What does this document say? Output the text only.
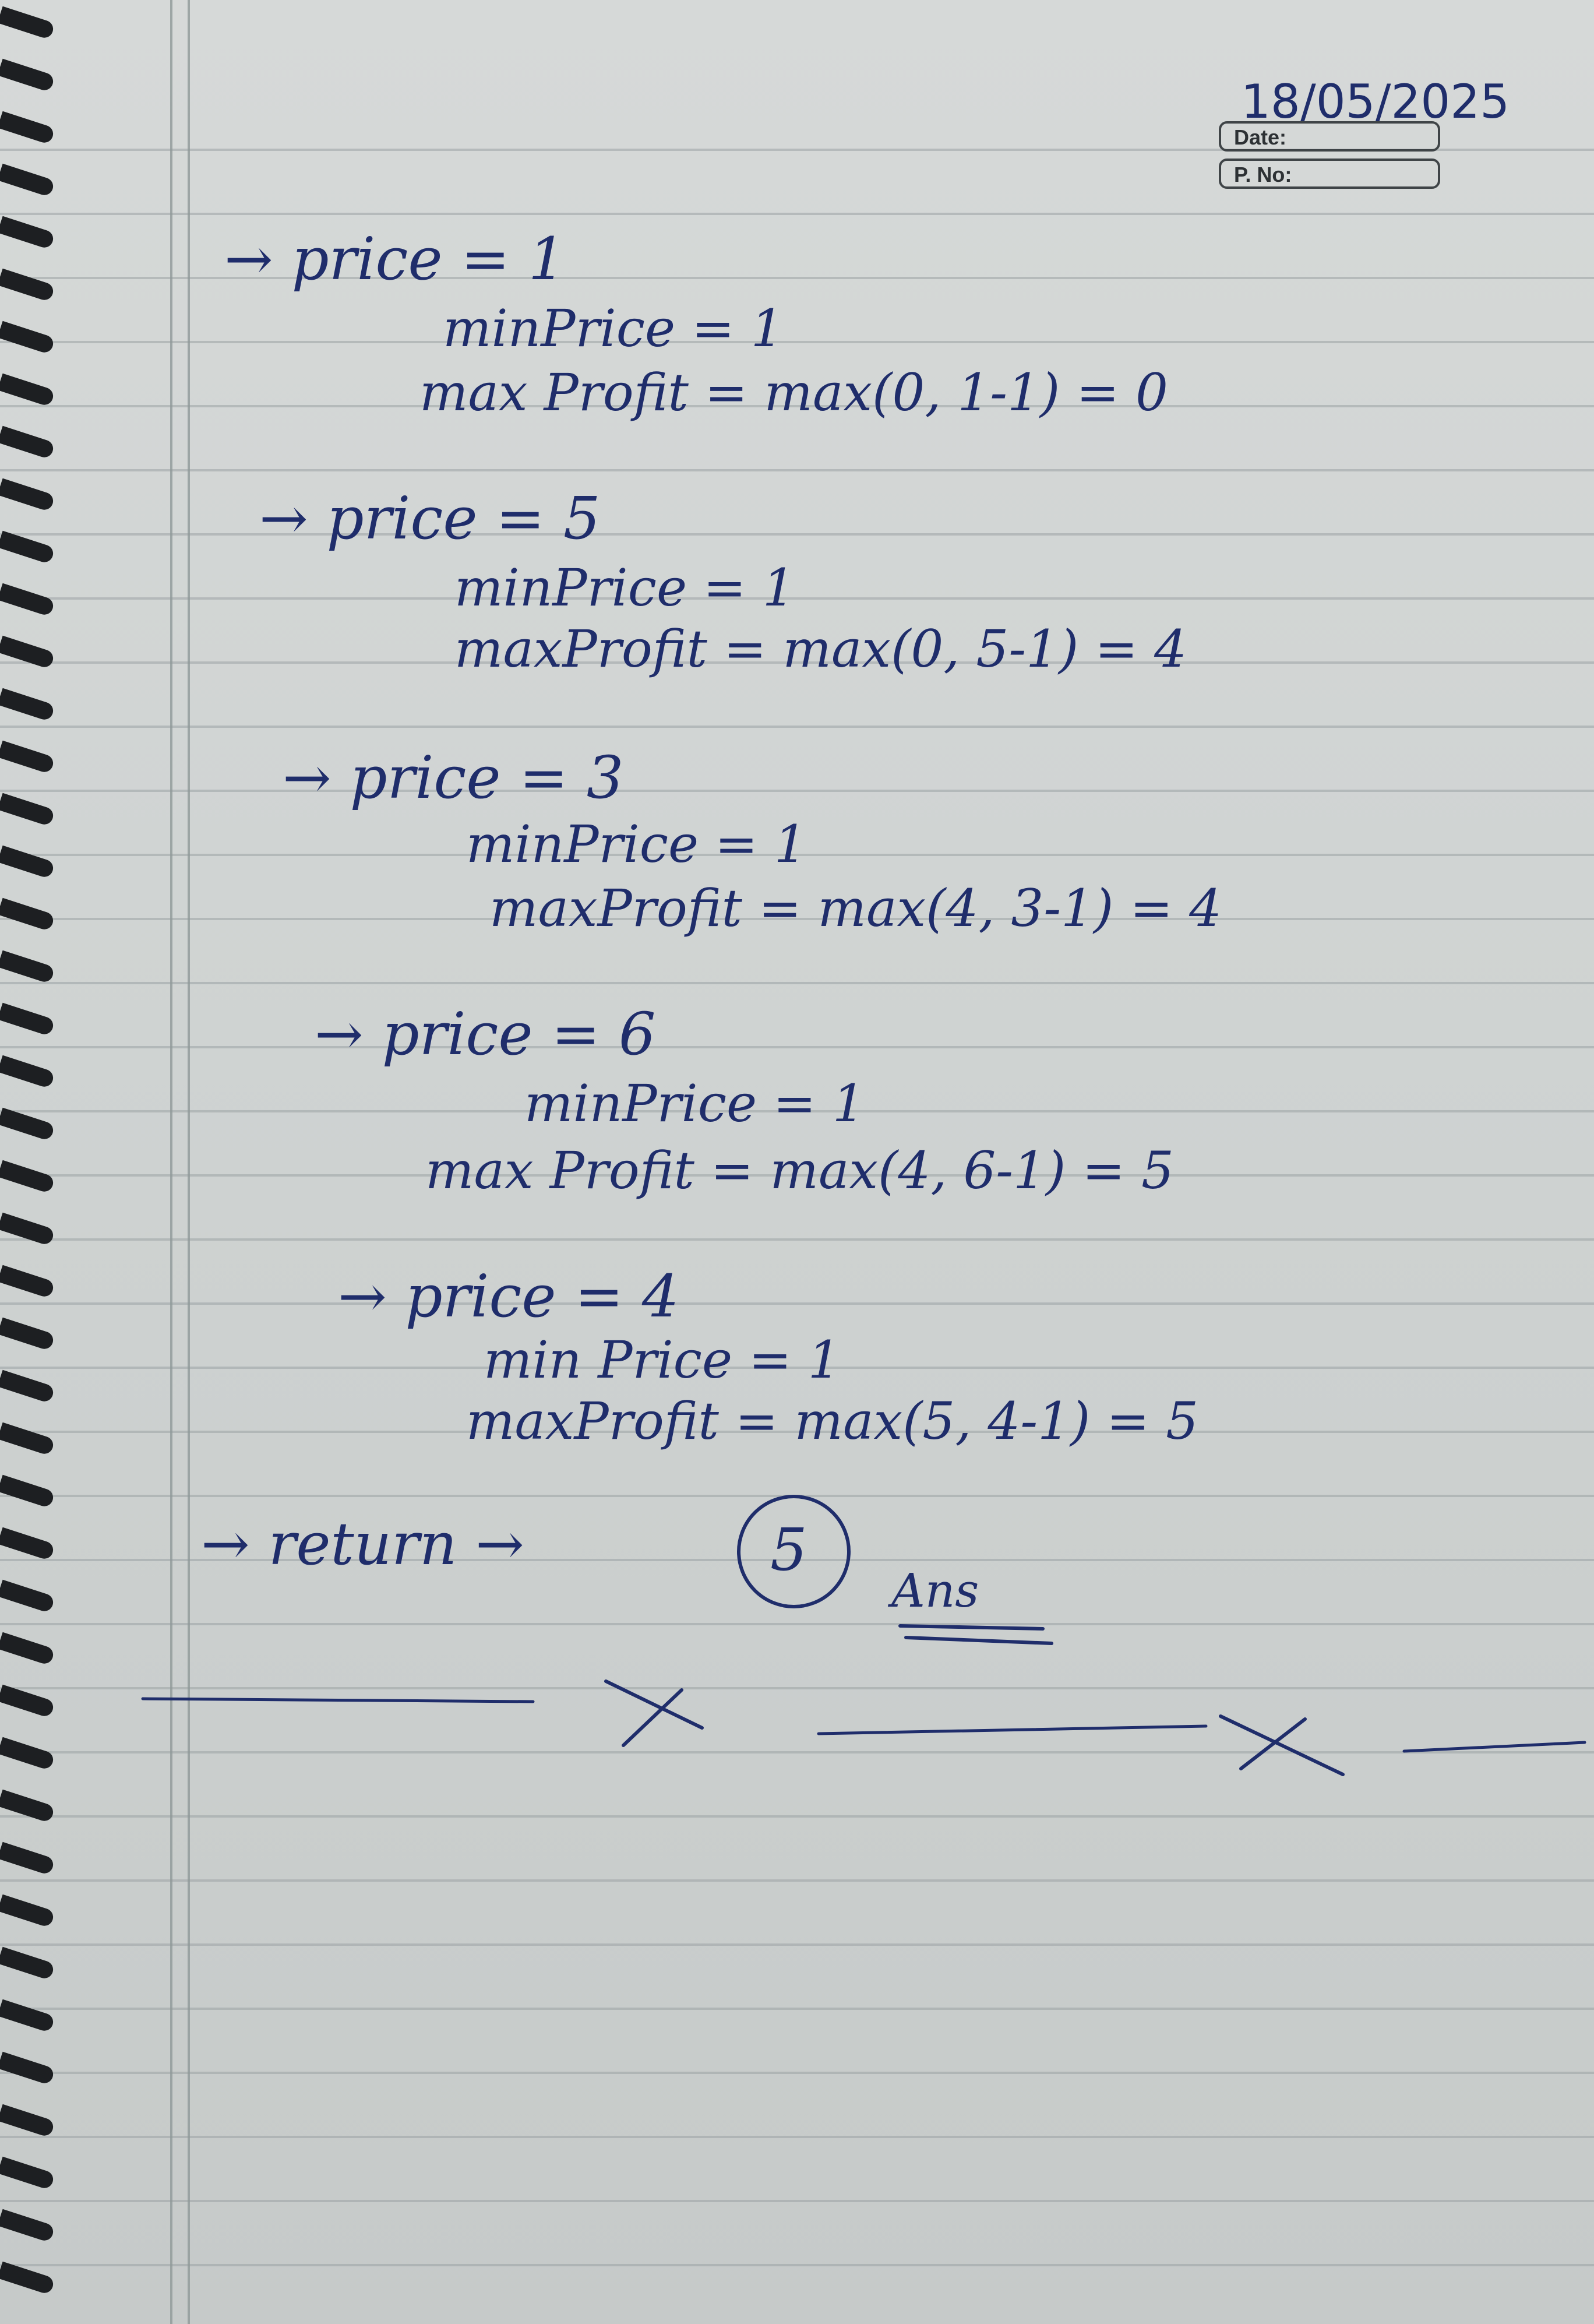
18/05/2025
Date:
P. No:
→ price = 1
minPrice = 1
max Profit = max(0, 1-1) = 0
→ price = 5
minPrice = 1
maxProfit = max(0, 5-1) = 4
→ price = 3
minPrice = 1
maxProfit = max(4, 3-1) = 4
→ price = 6
minPrice = 1
max Profit = max(4, 6-1) = 5
→ price = 4
min Price = 1
maxProfit = max(5, 4-1) = 5
→ return →	5
Ans
